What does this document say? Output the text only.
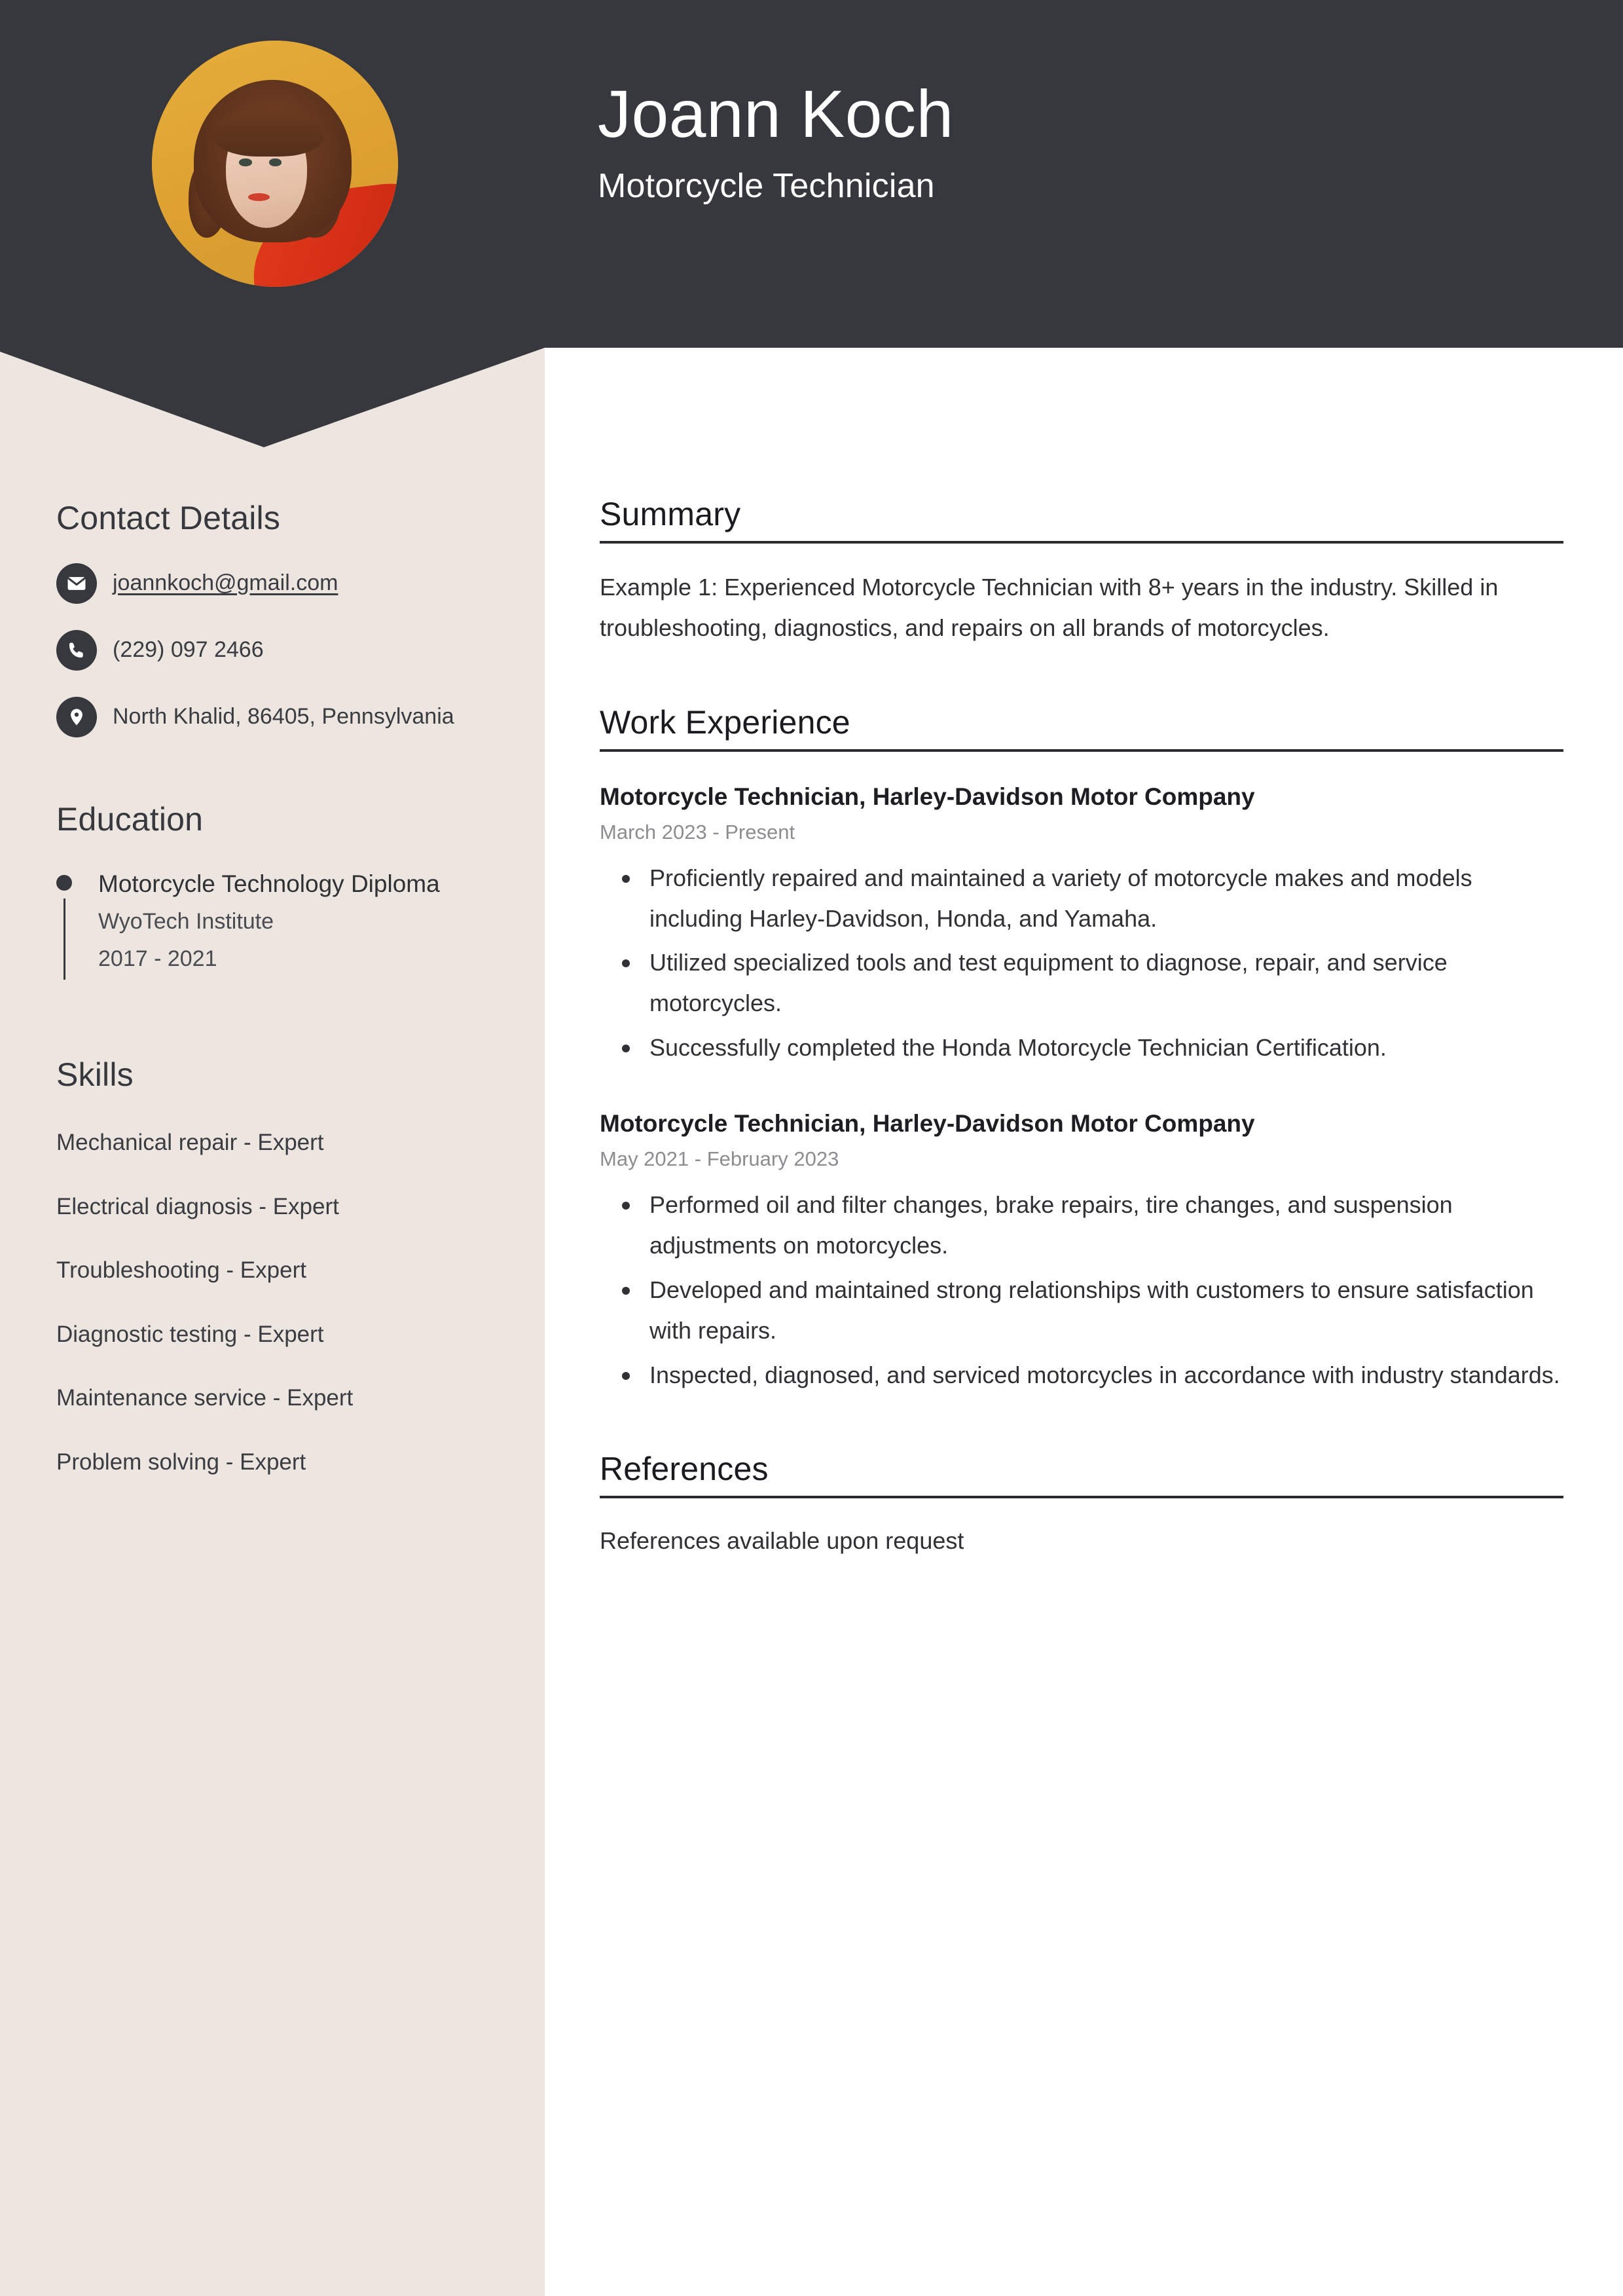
Joann Koch
Motorcycle Technician
Contact Details
joannkoch@gmail.com
(229) 097 2466
North Khalid, 86405, Pennsylvania
Education
Motorcycle Technology Diploma
WyoTech Institute
2017 - 2021
Skills
Mechanical repair - Expert
Electrical diagnosis - Expert
Troubleshooting - Expert
Diagnostic testing - Expert
Maintenance service - Expert
Problem solving - Expert
Summary
Example 1: Experienced Motorcycle Technician with 8+ years in the industry. Skilled in troubleshooting, diagnostics, and repairs on all brands of motorcycles.
Work Experience
Motorcycle Technician, Harley-Davidson Motor Company
March 2023 - Present
Proficiently repaired and maintained a variety of motorcycle makes and models including Harley-Davidson, Honda, and Yamaha.
Utilized specialized tools and test equipment to diagnose, repair, and service motorcycles.
Successfully completed the Honda Motorcycle Technician Certification.
Motorcycle Technician, Harley-Davidson Motor Company
May 2021 - February 2023
Performed oil and filter changes, brake repairs, tire changes, and suspension adjustments on motorcycles.
Developed and maintained strong relationships with customers to ensure satisfaction with repairs.
Inspected, diagnosed, and serviced motorcycles in accordance with industry standards.
References
References available upon request
